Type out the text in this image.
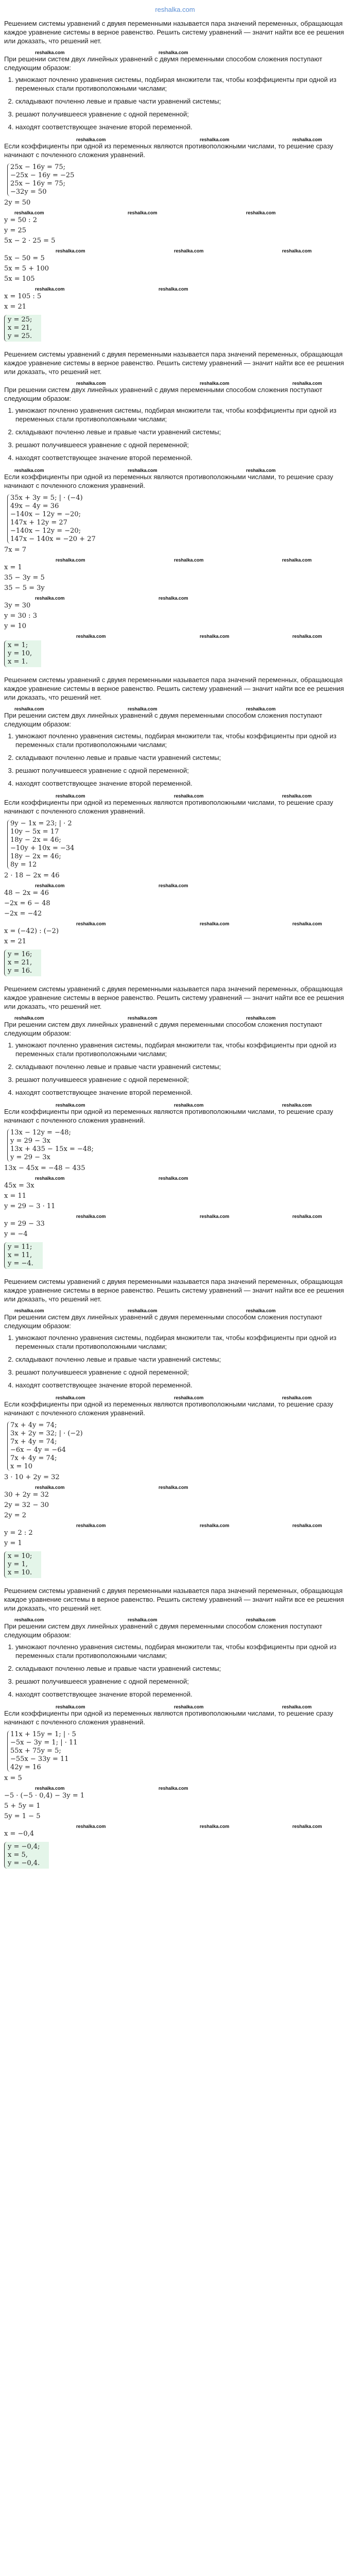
reshalka.com

Решением системы уравнений с двумя переменными называется пара значений переменных, обращающая каждое уравнение системы в верное равенство. Решить систему уравнений — значит найти все ее решения или доказать, что решений нет.

reshalka.com	reshalka.com

При решении систем двух линейных уравнений с двумя переменными способом сложения поступают следующим образом:

1. умножают почленно уравнения системы, подбирая множители так, чтобы коэффициенты при одной из переменных стали противоположными числами;
2. складывают почленно левые и правые части уравнений системы;
3. решают получившееся уравнение с одной переменной;
4. находят соответствующее значение второй переменной.
reshalka.com	reshalka.com	reshalka.com

Если коэффициенты при одной из переменных являются противоположными числами, то решение сразу начинают с почленного сложения уравнений.

25x − 16y = 75;
−25x − 16y = −25
25x − 16y = 75;
−32y = 50
2y = 50
reshalka.com	reshalka.com	reshalka.com
y = 50 : 2
y = 25
5x − 2 · 25 = 5
reshalka.com	reshalka.com	reshalka.com
5x − 50 = 5
5x = 5 + 100
5x = 105
reshalka.com	reshalka.com
x = 105 : 5
x = 21
y = 25;
x = 21,
y = 25.

Решением системы уравнений с двумя переменными называется пара значений переменных, обращающая каждое уравнение системы в верное равенство. Решить систему уравнений — значит найти все ее решения или доказать, что решений нет.

reshalka.com	reshalka.com	reshalka.com

При решении систем двух линейных уравнений с двумя переменными способом сложения поступают следующим образом:

1. умножают почленно уравнения системы, подбирая множители так, чтобы коэффициенты при одной из переменных стали противоположными числами;
2. складывают почленно левые и правые части уравнений системы;
3. решают получившееся уравнение с одной переменной;
4. находят соответствующее значение второй переменной.
reshalka.com	reshalka.com	reshalka.com

Если коэффициенты при одной из переменных являются противоположными числами, то решение сразу начинают с почленного сложения уравнений.

35x + 3y = 5; | · (−4)
49x − 4y = 36
−140x − 12y = −20;
147x + 12y = 27
−140x − 12y = −20;
147x − 140x = −20 + 27
7x = 7
reshalka.com	reshalka.com	reshalka.com
x = 1
35 − 3y = 5
35 − 5 = 3y
reshalka.com	reshalka.com
3y = 30
y = 30 : 3
y = 10
reshalka.com	reshalka.com	reshalka.com
x = 1;
y = 10,
x = 1.

Решением системы уравнений с двумя переменными называется пара значений переменных, обращающая каждое уравнение системы в верное равенство. Решить систему уравнений — значит найти все ее решения или доказать, что решений нет.

reshalka.com	reshalka.com	reshalka.com

При решении систем двух линейных уравнений с двумя переменными способом сложения поступают следующим образом:

1. умножают почленно уравнения системы, подбирая множители так, чтобы коэффициенты при одной из переменных стали противоположными числами;
2. складывают почленно левые и правые части уравнений системы;
3. решают получившееся уравнение с одной переменной;
4. находят соответствующее значение второй переменной.
reshalka.com	reshalka.com	reshalka.com

Если коэффициенты при одной из переменных являются противоположными числами, то решение сразу начинают с почленного сложения уравнений.

9y − 1x = 23; | · 2
10y − 5x = 17
18y − 2x = 46;
−10y + 10x = −34
18y − 2x = 46;
8y = 12
2 · 18 − 2x = 46
reshalka.com	reshalka.com
48 − 2x = 46
−2x = 6 − 48
−2x = −42
reshalka.com	reshalka.com	reshalka.com
x = (−42) : (−2)
x = 21
y = 16;
x = 21,
y = 16.

Решением системы уравнений с двумя переменными называется пара значений переменных, обращающая каждое уравнение системы в верное равенство. Решить систему уравнений — значит найти все ее решения или доказать, что решений нет.

reshalka.com	reshalka.com	reshalka.com

При решении систем двух линейных уравнений с двумя переменными способом сложения поступают следующим образом:

1. умножают почленно уравнения системы, подбирая множители так, чтобы коэффициенты при одной из переменных стали противоположными числами;
2. складывают почленно левые и правые части уравнений системы;
3. решают получившееся уравнение с одной переменной;
4. находят соответствующее значение второй переменной.
reshalka.com	reshalka.com	reshalka.com

Если коэффициенты при одной из переменных являются противоположными числами, то решение сразу начинают с почленного сложения уравнений.

13x − 12y = −48;
y = 29 − 3x
13x + 435 − 15x = −48;
y = 29 − 3x
13x − 45x = −48 − 435
reshalka.com	reshalka.com
45x = 3x
x = 11
y = 29 − 3 · 11
reshalka.com	reshalka.com	reshalka.com
y = 29 − 33
y = −4
y = 11;
x = 11,
y = −4.

Решением системы уравнений с двумя переменными называется пара значений переменных, обращающая каждое уравнение системы в верное равенство. Решить систему уравнений — значит найти все ее решения или доказать, что решений нет.

reshalka.com	reshalka.com	reshalka.com

При решении систем двух линейных уравнений с двумя переменными способом сложения поступают следующим образом:

1. умножают почленно уравнения системы, подбирая множители так, чтобы коэффициенты при одной из переменных стали противоположными числами;
2. складывают почленно левые и правые части уравнений системы;
3. решают получившееся уравнение с одной переменной;
4. находят соответствующее значение второй переменной.
reshalka.com	reshalka.com	reshalka.com

Если коэффициенты при одной из переменных являются противоположными числами, то решение сразу начинают с почленного сложения уравнений.

7x + 4y = 74;
3x + 2y = 32; | · (−2)
7x + 4y = 74;
−6x − 4y = −64
7x + 4y = 74;
x = 10
3 · 10 + 2y = 32
reshalka.com	reshalka.com
30 + 2y = 32
2y = 32 − 30
2y = 2
reshalka.com	reshalka.com	reshalka.com
y = 2 : 2
y = 1
x = 10;
y = 1,
x = 10.

Решением системы уравнений с двумя переменными называется пара значений переменных, обращающая каждое уравнение системы в верное равенство. Решить систему уравнений — значит найти все ее решения или доказать, что решений нет.

reshalka.com	reshalka.com	reshalka.com

При решении систем двух линейных уравнений с двумя переменными способом сложения поступают следующим образом:

1. умножают почленно уравнения системы, подбирая множители так, чтобы коэффициенты при одной из переменных стали противоположными числами;
2. складывают почленно левые и правые части уравнений системы;
3. решают получившееся уравнение с одной переменной;
4. находят соответствующее значение второй переменной.
reshalka.com	reshalka.com	reshalka.com

Если коэффициенты при одной из переменных являются противоположными числами, то решение сразу начинают с почленного сложения уравнений.

11x + 15y = 1; | · 5
−5x − 3y = 1; | · 11
55x + 75y = 5;
−55x − 33y = 11
42y = 16
x = 5
reshalka.com	reshalka.com
−5 · (−5 · 0,4) − 3y = 1
5 + 5y = 1
5y = 1 − 5
reshalka.com	reshalka.com	reshalka.com
x = −0,4
y = −0,4;
x = 5,
y = −0,4.
